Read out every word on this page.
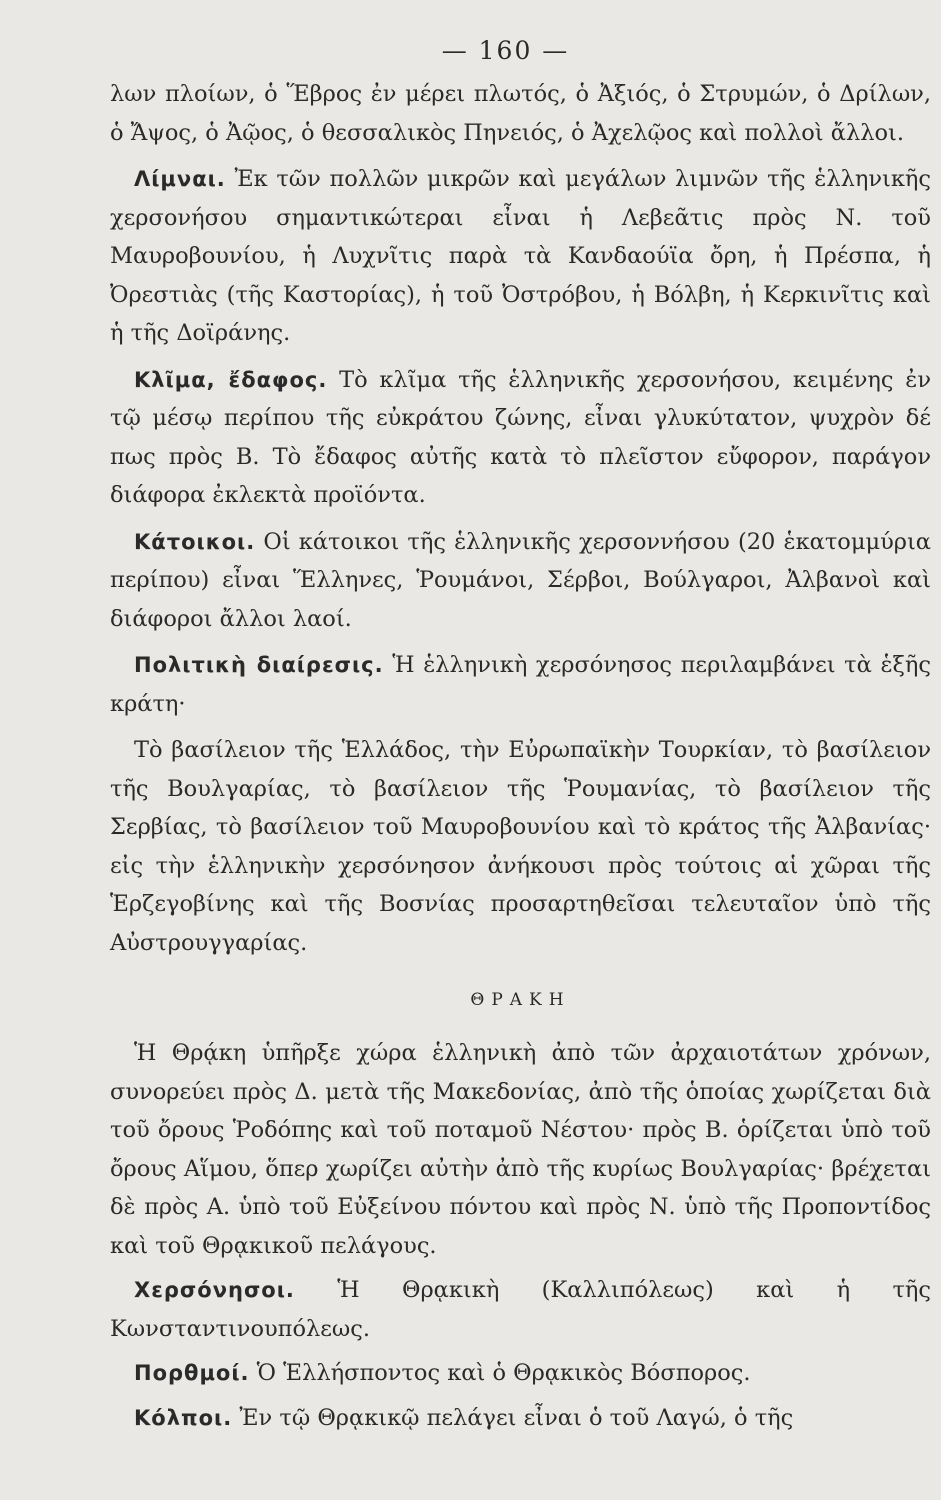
— 160 —

λων πλοίων, ὁ Ἕβρος ἐν μέρει πλωτός, ὁ Ἀξιός, ὁ Στρυμών, ὁ Δρίλων, ὁ Ἄψος, ὁ Ἀῷος, ὁ θεσσαλικὸς Πηνειός, ὁ Ἀχελῷος καὶ πολλοὶ ἄλλοι.

Λίμναι. Ἐκ τῶν πολλῶν μικρῶν καὶ μεγάλων λιμνῶν τῆς ἑλληνικῆς χερσονήσου σημαντικώτεραι εἶναι ἡ Λεβεᾶτις πρὸς Ν. τοῦ Μαυροβουνίου, ἡ Λυχνῖτις παρὰ τὰ Κανδαούϊα ὄρη, ἡ Πρέσπα, ἡ Ὀρεστιὰς (τῆς Καστορίας), ἡ τοῦ Ὀστρόβου, ἡ Βόλβη, ἡ Κερκινῖτις καὶ ἡ τῆς Δοϊράνης.

Κλῖμα, ἔδαφος. Τὸ κλῖμα τῆς ἑλληνικῆς χερσονήσου, κειμένης ἐν τῷ μέσῳ περίπου τῆς εὐκράτου ζώνης, εἶναι γλυκύτατον, ψυχρὸν δέ πως πρὸς Β. Τὸ ἔδαφος αὐτῆς κατὰ τὸ πλεῖστον εὔφορον, παράγον διάφορα ἐκλεκτὰ προϊόντα.

Κάτοικοι. Οἱ κάτοικοι τῆς ἑλληνικῆς χερσοννήσου (20 ἑκατομμύρια περίπου) εἶναι Ἕλληνες, Ῥουμάνοι, Σέρβοι, Βούλγαροι, Ἀλβανοὶ καὶ διάφοροι ἄλλοι λαοί.

Πολιτικὴ διαίρεσις. Ἡ ἑλληνικὴ χερσόνησος περιλαμβάνει τὰ ἑξῆς κράτη·

Τὸ βασίλειον τῆς Ἑλλάδος, τὴν Εὐρωπαϊκὴν Τουρκίαν, τὸ βασίλειον τῆς Βουλγαρίας, τὸ βασίλειον τῆς Ῥουμανίας, τὸ βασίλειον τῆς Σερβίας, τὸ βασίλειον τοῦ Μαυροβουνίου καὶ τὸ κράτος τῆς Ἀλβανίας· εἰς τὴν ἑλληνικὴν χερσόνησον ἀνήκουσι πρὸς τούτοις αἱ χῶραι τῆς Ἑρζεγοβίνης καὶ τῆς Βοσνίας προσαρτηθεῖσαι τελευταῖον ὑπὸ τῆς Αὐστρουγγαρίας.

ΘΡΑΚΗ

Ἡ Θρᾴκη ὑπῆρξε χώρα ἑλληνικὴ ἀπὸ τῶν ἀρχαιοτάτων χρόνων, συνορεύει πρὸς Δ. μετὰ τῆς Μακεδονίας, ἀπὸ τῆς ὁποίας χωρίζεται διὰ τοῦ ὄρους Ῥοδόπης καὶ τοῦ ποταμοῦ Νέστου· πρὸς Β. ὁρίζεται ὑπὸ τοῦ ὄρους Αἵμου, ὅπερ χωρίζει αὐτὴν ἀπὸ τῆς κυρίως Βουλγαρίας· βρέχεται δὲ πρὸς Α. ὑπὸ τοῦ Εὐξείνου πόντου καὶ πρὸς Ν. ὑπὸ τῆς Προποντίδος καὶ τοῦ Θρᾳκικοῦ πελάγους.

Χερσόνησοι. Ἡ Θρᾳκικὴ (Καλλιπόλεως) καὶ ἡ τῆς Κωνσταντινουπόλεως.

Πορθμοί. Ὁ Ἑλλήσποντος καὶ ὁ Θρᾳκικὸς Βόσπορος.

Κόλποι. Ἐν τῷ Θρᾳκικῷ πελάγει εἶναι ὁ τοῦ Λαγώ, ὁ τῆς
